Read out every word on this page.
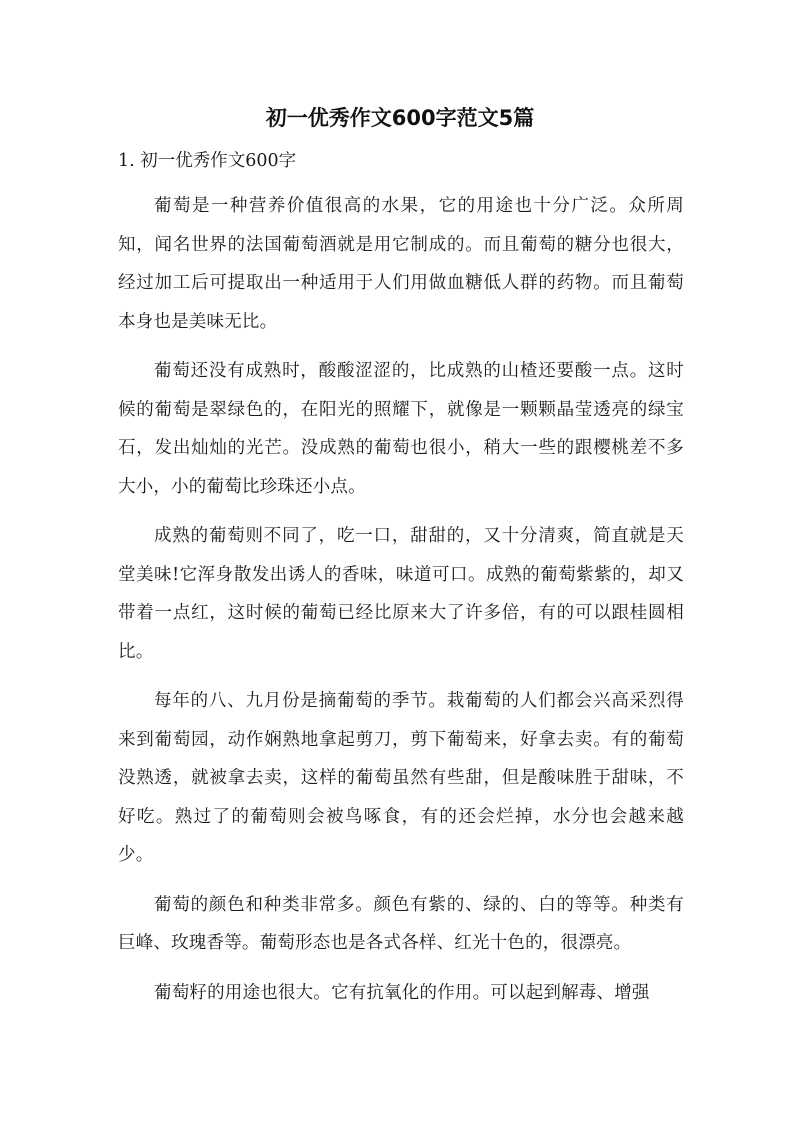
初一优秀作文600字范文5篇

1. 初一优秀作文600字

葡萄是一种营养价值很高的水果，它的用途也十分广泛。众所周知，闻名世界的法国葡萄酒就是用它制成的。而且葡萄的糖分也很大，经过加工后可提取出一种适用于人们用做血糖低人群的药物。而且葡萄本身也是美味无比。

葡萄还没有成熟时，酸酸涩涩的，比成熟的山楂还要酸一点。这时候的葡萄是翠绿色的，在阳光的照耀下，就像是一颗颗晶莹透亮的绿宝石，发出灿灿的光芒。没成熟的葡萄也很小，稍大一些的跟樱桃差不多大小，小的葡萄比珍珠还小点。

成熟的葡萄则不同了，吃一口，甜甜的，又十分清爽，简直就是天堂美味!它浑身散发出诱人的香味，味道可口。成熟的葡萄紫紫的，却又带着一点红，这时候的葡萄已经比原来大了许多倍，有的可以跟桂圆相比。

每年的八、九月份是摘葡萄的季节。栽葡萄的人们都会兴高采烈得来到葡萄园，动作娴熟地拿起剪刀，剪下葡萄来，好拿去卖。有的葡萄没熟透，就被拿去卖，这样的葡萄虽然有些甜，但是酸味胜于甜味，不好吃。熟过了的葡萄则会被鸟啄食，有的还会烂掉，水分也会越来越少。

葡萄的颜色和种类非常多。颜色有紫的、绿的、白的等等。种类有巨峰、玫瑰香等。葡萄形态也是各式各样、红光十色的，很漂亮。

葡萄籽的用途也很大。它有抗氧化的作用。可以起到解毒、增强
